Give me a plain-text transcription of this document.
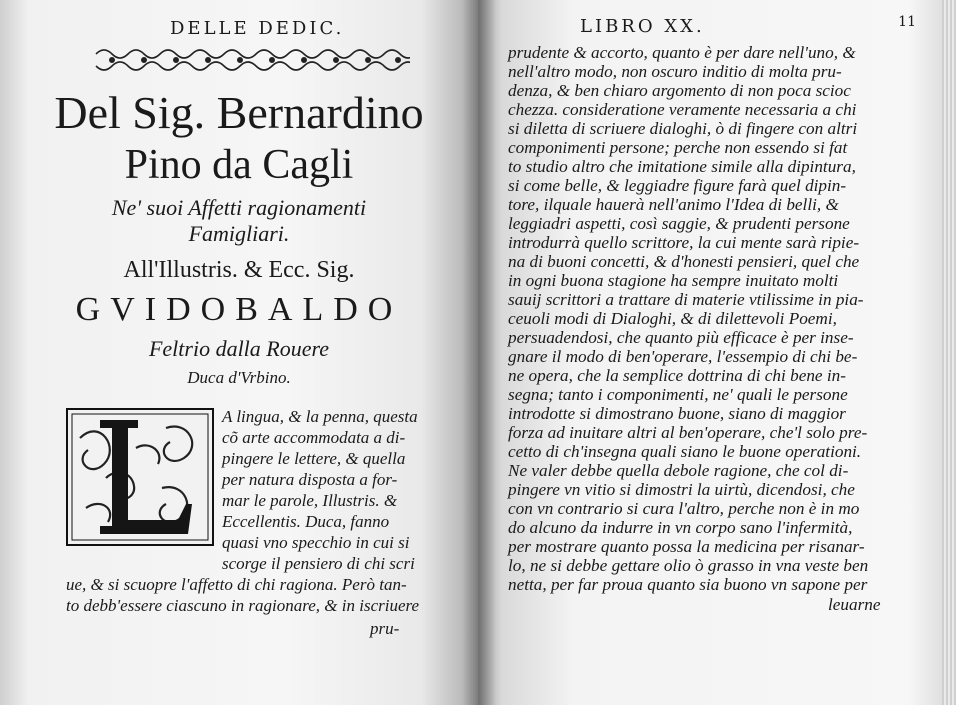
DELLE DEDIC.
Del Sig. Bernardino
Pino da Cagli
Ne' suoi Affetti ragionamenti
Famigliari.
All'Illustris. & Ecc. Sig.
GVIDOBALDO
Feltrio dalla Rouere
Duca d'Vrbino.
A lingua, & la penna, questa
cõ arte accommodata a di-
pingere le lettere, & quella
per natura disposta a for-
mar le parole, Illustris. &
Eccellentis. Duca, fanno
quasi vno specchio in cui si
scorge il pensiero di chi scri
ue, & si scuopre l'affetto di chi ragiona. Però tan-
to debb'essere ciascuno in ragionare, & in iscriuere
pru-
LIBRO XX.	11
prudente & accorto, quanto è per dare nell'uno, &
nell'altro modo, non oscuro inditio di molta pru-
denza, & ben chiaro argomento di non poca scioc
chezza. consideratione veramente necessaria a chi
si diletta di scriuere dialoghi, ò di fingere con altri
componimenti persone; perche non essendo si fat
to studio altro che imitatione simile alla dipintura,
si come belle, & leggiadre figure farà quel dipin-
tore, ilquale hauerà nell'animo l'Idea di belli, &
leggiadri aspetti, così saggie, & prudenti persone
introdurrà quello scrittore, la cui mente sarà ripie-
na di buoni concetti, & d'honesti pensieri, quel che
in ogni buona stagione ha sempre inuitato molti
sauij scrittori a trattare di materie vtilissime in pia-
ceuoli modi di Dialoghi, & di dilettevoli Poemi,
persuadendosi, che quanto più efficace è per inse-
gnare il modo di ben'operare, l'essempio di chi be-
ne opera, che la semplice dottrina di chi bene in-
segna; tanto i componimenti, ne' quali le persone
introdotte si dimostrano buone, siano di maggior
forza ad inuitare altri al ben'operare, che'l solo pre-
cetto di ch'insegna quali siano le buone operationi.
Ne valer debbe quella debole ragione, che col di-
pingere vn vitio si dimostri la uirtù, dicendosi, che
con vn contrario si cura l'altro, perche non è in mo
do alcuno da indurre in vn corpo sano l'infermità,
per mostrare quanto possa la medicina per risanar-
lo, ne si debbe gettare olio ò grasso in vna veste ben
netta, per far proua quanto sia buono vn sapone per
leuarne
